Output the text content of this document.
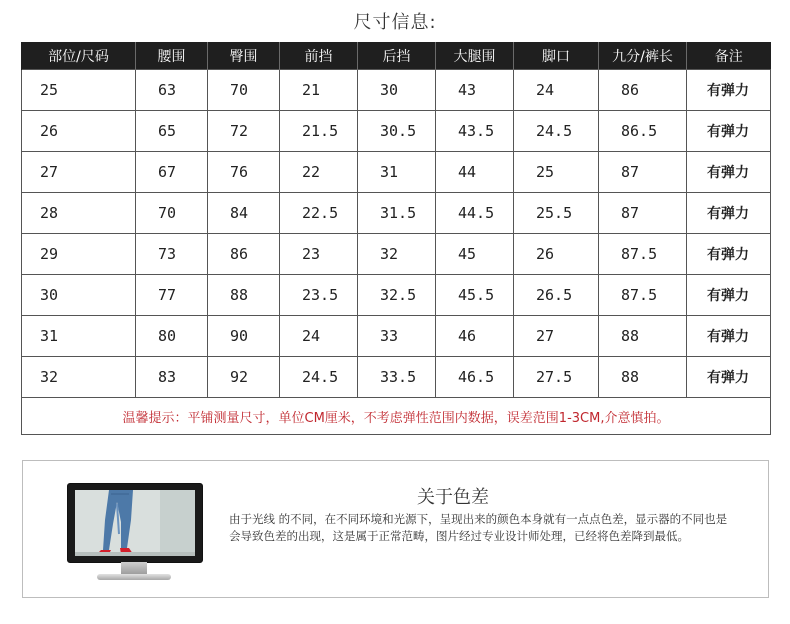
尺寸信息:
部位/尺码	腰围	臀围	前挡	后挡	大腿围	脚口	九分/裤长	备注
25	63	70	21	30	43	24	86	有弹力
26	65	72	21.5	30.5	43.5	24.5	86.5	有弹力
27	67	76	22	31	44	25	87	有弹力
28	70	84	22.5	31.5	44.5	25.5	87	有弹力
29	73	86	23	32	45	26	87.5	有弹力
30	77	88	23.5	32.5	45.5	26.5	87.5	有弹力
31	80	90	24	33	46	27	88	有弹力
32	83	92	24.5	33.5	46.5	27.5	88	有弹力
温馨提示：平铺测量尺寸，单位CM厘米，不考虑弹性范围内数据，误差范围1-3CM,介意慎拍。								
关于色差
由于光线 的不同，在不同环境和光源下，呈现出来的颜色本身就有一点点色差，显示器的不同也是会导致色差的出现，这是属于正常范畴，图片经过专业设计师处理，已经将色差降到最低。
